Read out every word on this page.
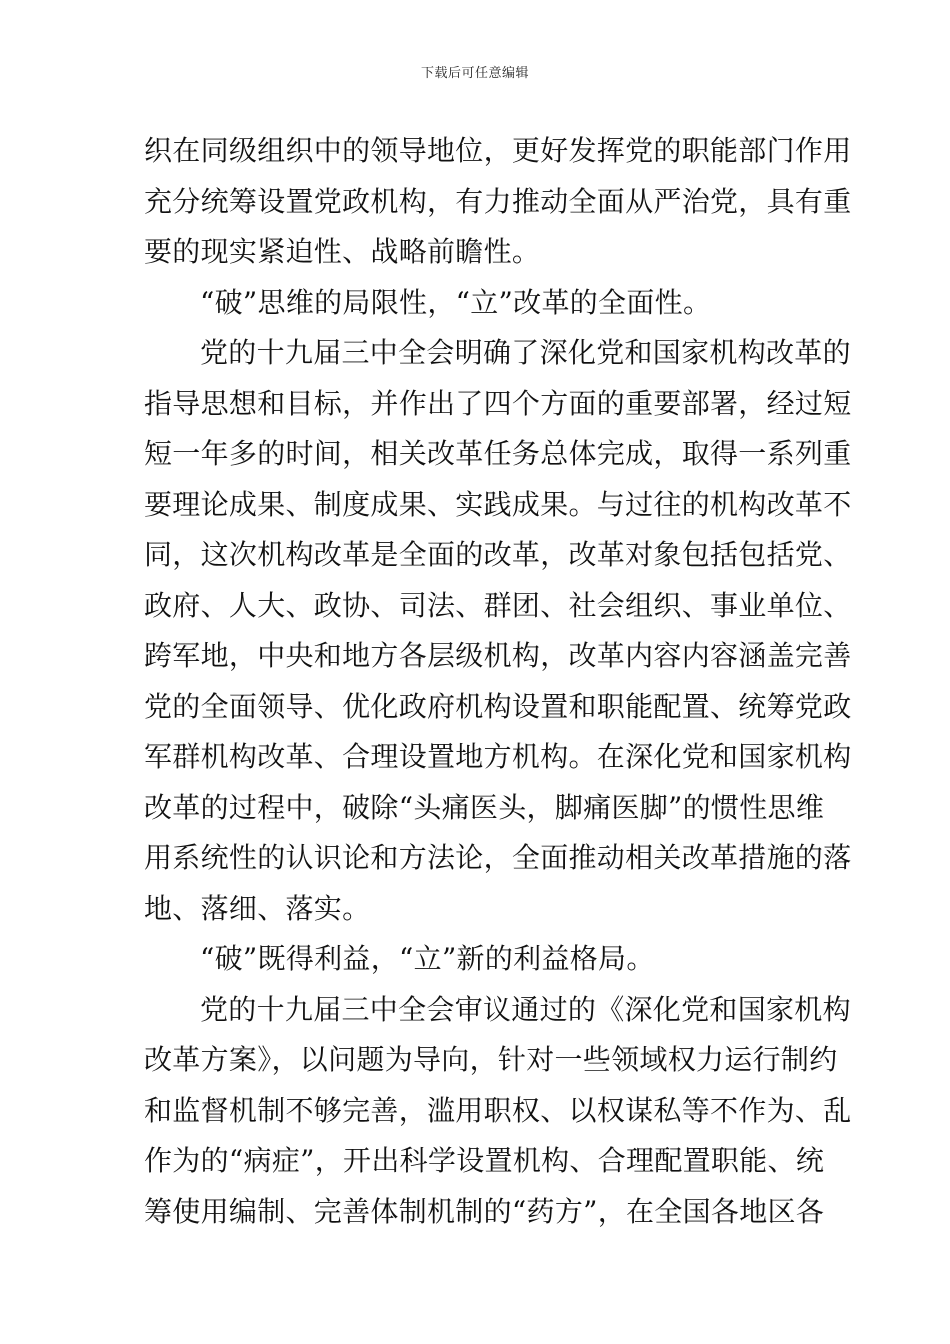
下载后可任意编辑
织在同级组织中的领导地位，更好发挥党的职能部门作用
充分统筹设置党政机构，有力推动全面从严治党，具有重
要的现实紧迫性、战略前瞻性。
“破”思维的局限性，“立”改革的全面性。
党的十九届三中全会明确了深化党和国家机构改革的
指导思想和目标，并作出了四个方面的重要部署，经过短
短一年多的时间，相关改革任务总体完成，取得一系列重
要理论成果、制度成果、实践成果。与过往的机构改革不
同，这次机构改革是全面的改革，改革对象包括包括党、
政府、人大、政协、司法、群团、社会组织、事业单位、
跨军地，中央和地方各层级机构，改革内容内容涵盖完善
党的全面领导、优化政府机构设置和职能配置、统筹党政
军群机构改革、合理设置地方机构。在深化党和国家机构
改革的过程中，破除“头痛医头，脚痛医脚”的惯性思维
用系统性的认识论和方法论，全面推动相关改革措施的落
地、落细、落实。
“破”既得利益，“立”新的利益格局。
党的十九届三中全会审议通过的《深化党和国家机构
改革方案》，以问题为导向，针对一些领域权力运行制约
和监督机制不够完善，滥用职权、以权谋私等不作为、乱
作为的“病症”，开出科学设置机构、合理配置职能、统
筹使用编制、完善体制机制的“药方”，在全国各地区各
